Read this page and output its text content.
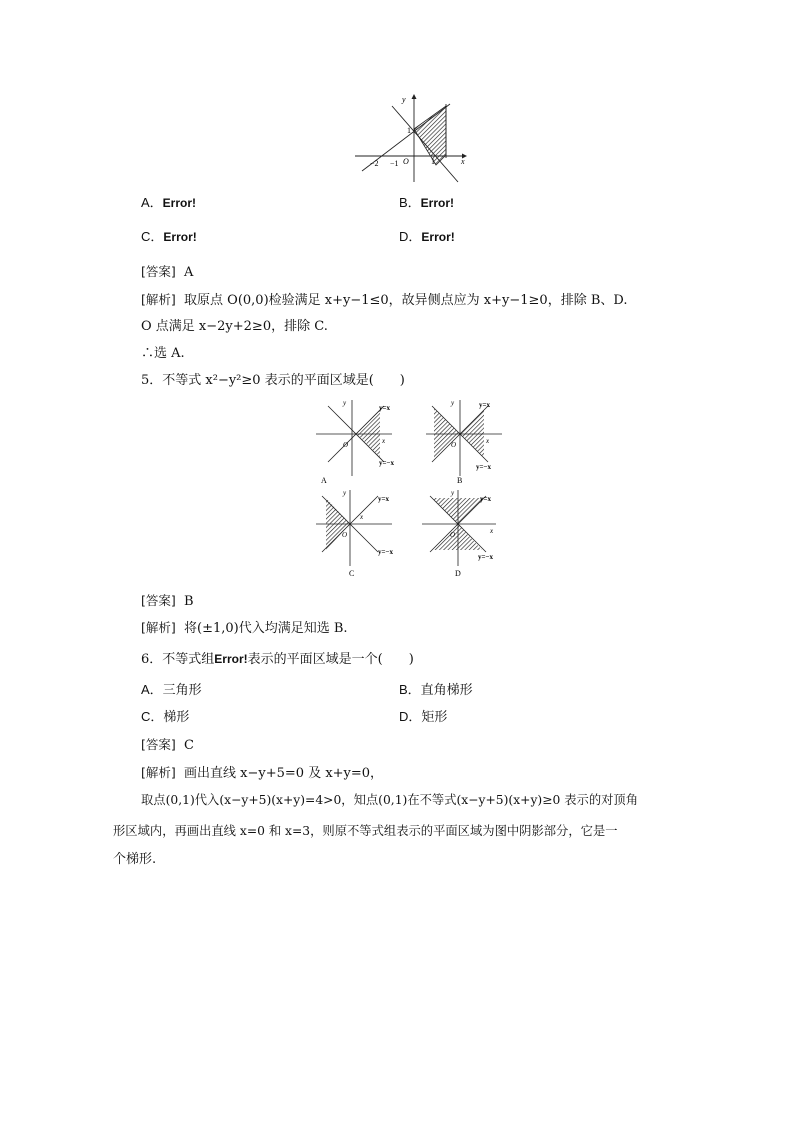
y
x
O
1
−2 −1	1
A．Error!	B．Error!
C．Error!	D．Error!
[答案] A
[解析] 取原点 O(0,0)检验满足 x+y−1≤0，故异侧点应为 x+y−1≥0，排除 B、D.
O 点满足 x−2y+2≥0，排除 C.
∴选 A.
5．不等式 x²−y²≥0 表示的平面区域是(　　)
y
y=x
x
O
y=−x
A
y	y=x
x
O
y=−x
B
y
y=x
x
O
y=−x
C
y
y=x
x
O
y=−x
D
[答案] B
[解析] 将(±1,0)代入均满足知选 B.
6．不等式组Error!表示的平面区域是一个(　　)
A．三角形	B．直角梯形
C．梯形	D．矩形
[答案] C
[解析] 画出直线 x−y+5=0 及 x+y=0，
取点(0,1)代入(x−y+5)(x+y)=4>0，知点(0,1)在不等式(x−y+5)(x+y)≥0 表示的对顶角
形区域内，再画出直线 x=0 和 x=3，则原不等式组表示的平面区域为图中阴影部分，它是一
个梯形.
